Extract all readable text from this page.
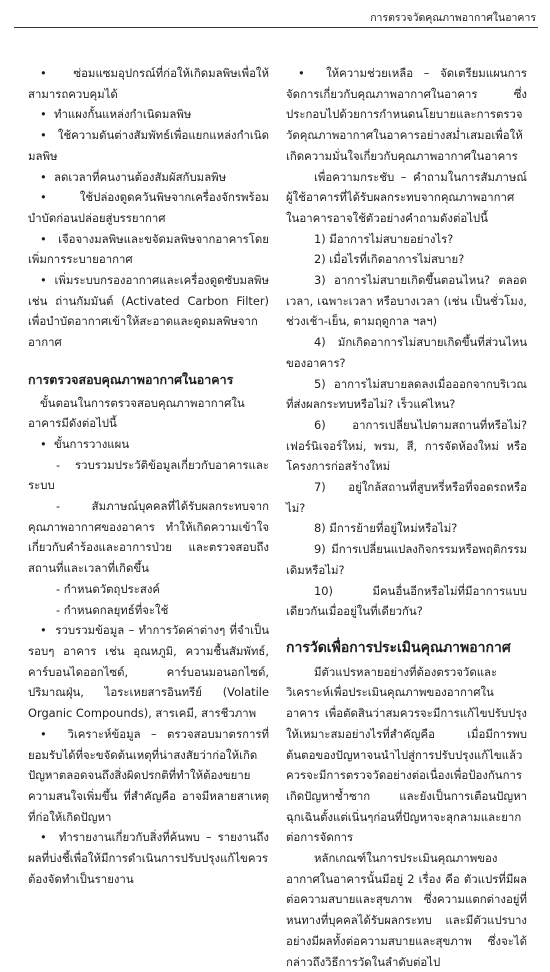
การตรวจวัดคุณภาพอากาศในอาคาร

•  ซ่อมแซมอุปกรณ์ที่ก่อให้เกิดมลพิษเพื่อให้สามารถควบคุมได้

•  ทำแผงกั้นแหล่งกำเนิดมลพิษ

•  ใช้ความดันต่างสัมพัทธ์เพื่อแยกแหล่งกำเนิดมลพิษ

•  ลดเวลาที่คนงานต้องสัมผัสกับมลพิษ

•  ใช้ปล่องดูดควันพิษจากเครื่องจักรพร้อมบำบัดก่อนปล่อยสู่บรรยากาศ

•  เจือจางมลพิษและขจัดมลพิษจากอาคารโดยเพิ่มการระบายอากาศ

•  เพิ่มระบบกรองอากาศและเครื่องดูดซับมลพิษ เช่น ถ่านกัมมันต์ (Activated Carbon Filter) เพื่อบำบัดอากาศเข้าให้สะอาดและดูดมลพิษจากอากาศ

การตรวจสอบคุณภาพอากาศในอาคาร

ขั้นตอนในการตรวจสอบคุณภาพอากาศในอาคารมีดังต่อไปนี้

•  ขั้นการวางแผน

- รวบรวมประวัติข้อมูลเกี่ยวกับอาคารและระบบ

- สัมภาษณ์บุคคลที่ได้รับผลกระทบจากคุณภาพอากาศของอาคาร ทำให้เกิดความเข้าใจเกี่ยวกับคำร้องและอาการป่วย และตรวจสอบถึงสถานที่และเวลาที่เกิดขึ้น

- กำหนดวัตถุประสงค์

- กำหนดกลยุทธ์ที่จะใช้

•  รวบรวมข้อมูล – ทำการวัดค่าต่างๆ ที่จำเป็น รอบๆ อาคาร เช่น อุณหภูมิ, ความชื้นสัมพัทธ์, คาร์บอนไดออกไซด์, คาร์บอนมอนอกไซด์, ปริมาณฝุ่น, ไอระเหยสารอินทรีย์ (Volatile Organic Compounds), สารเคมี, สารชีวภาพ

•  วิเคราะห์ข้อมูล – ตรวจสอบมาตรการที่ยอมรับได้ที่จะขจัดต้นเหตุที่น่าสงสัยว่าก่อให้เกิดปัญหาตลอดจนถึงสิ่งผิดปรกติที่ทำให้ต้องขยายความสนใจเพิ่มขึ้น ที่สำคัญคือ อาจมีหลายสาเหตุที่ก่อให้เกิดปัญหา

•  ทำรายงานเกี่ยวกับสิ่งที่ค้นพบ – รายงานถึงผลที่บ่งชี้เพื่อให้มีการดำเนินการปรับปรุงแก้ไขควรต้องจัดทำเป็นรายงาน

•  ให้ความช่วยเหลือ – จัดเตรียมแผนการจัดการเกี่ยวกับคุณภาพอากาศในอาคาร ซึ่งประกอบไปด้วยการกำหนดนโยบายและการตรวจวัดคุณภาพอากาศในอาคารอย่างสม่ำเสมอเพื่อให้เกิดความมั่นใจเกี่ยวกับคุณภาพอากาศในอาคาร

เพื่อความกระชับ – คำถามในการสัมภาษณ์ผู้ใช้อาคารที่ได้รับผลกระทบจากคุณภาพอากาศในอาคารอาจใช้ตัวอย่างคำถามดังต่อไปนี้

1) มีอาการไม่สบายอย่างไร?

2) เมื่อไรที่เกิดอาการไม่สบาย?

3) อาการไม่สบายเกิดขึ้นตอนไหน? ตลอดเวลา, เฉพาะเวลา หรือบางเวลา (เช่น เป็นชั่วโมง, ช่วงเช้า-เย็น, ตามฤดูกาล ฯลฯ)

4) มักเกิดอาการไม่สบายเกิดขึ้นที่ส่วนไหนของอาคาร?

5) อาการไม่สบายลดลงเมื่อออกจากบริเวณที่ส่งผลกระทบหรือไม่? เร็วแค่ไหน?

6) อาการเปลี่ยนไปตามสถานที่หรือไม่? เฟอร์นิเจอร์ใหม่, พรม, สี, การจัดห้องใหม่ หรือโครงการก่อสร้างใหม่

7) อยู่ใกล้สถานที่สูบหรี่หรือที่จอดรถหรือไม่?

8) มีการย้ายที่อยู่ใหม่หรือไม่?

9) มีการเปลี่ยนแปลงกิจกรรมหรือพฤติกรรมเดิมหรือไม่?

10) มีคนอื่นอีกหรือไม่ที่มีอาการแบบเดียวกันเมื่ออยู่ในที่เดียวกัน?

การวัดเพื่อการประเมินคุณภาพอากาศ

มีตัวแปรหลายอย่างที่ต้องตรวจวัดและวิเคราะห์เพื่อประเมินคุณภาพของอากาศในอาคาร เพื่อตัดสินว่าสมควรจะมีการแก้ไขปรับปรุงให้เหมาะสมอย่างไรที่สำคัญคือ เมื่อมีการพบต้นตอของปัญหาจนนำไปสู่การปรับปรุงแก้ไขแล้ว ควรจะมีการตรวจวัดอย่างต่อเนื่องเพื่อป้องกันการเกิดปัญหาซ้ำซาก และยังเป็นการเตือนปัญหาฉุกเฉินตั้งแต่เนิ่นๆก่อนที่ปัญหาจะลุกลามและยากต่อการจัดการ

หลักเกณฑ์ในการประเมินคุณภาพของอากาศในอาคารนั้นมีอยู่ 2 เรื่อง คือ ตัวแปรที่มีผลต่อความสบายและสุขภาพ ซึ่งความแตกต่างอยู่ที่หนทางที่บุคคลได้รับผลกระทบ และมีตัวแปรบางอย่างมีผลทั้งต่อความสบายและสุขภาพ ซึ่งจะได้กล่าวถึงวิธีการวัดในลำดับต่อไป
